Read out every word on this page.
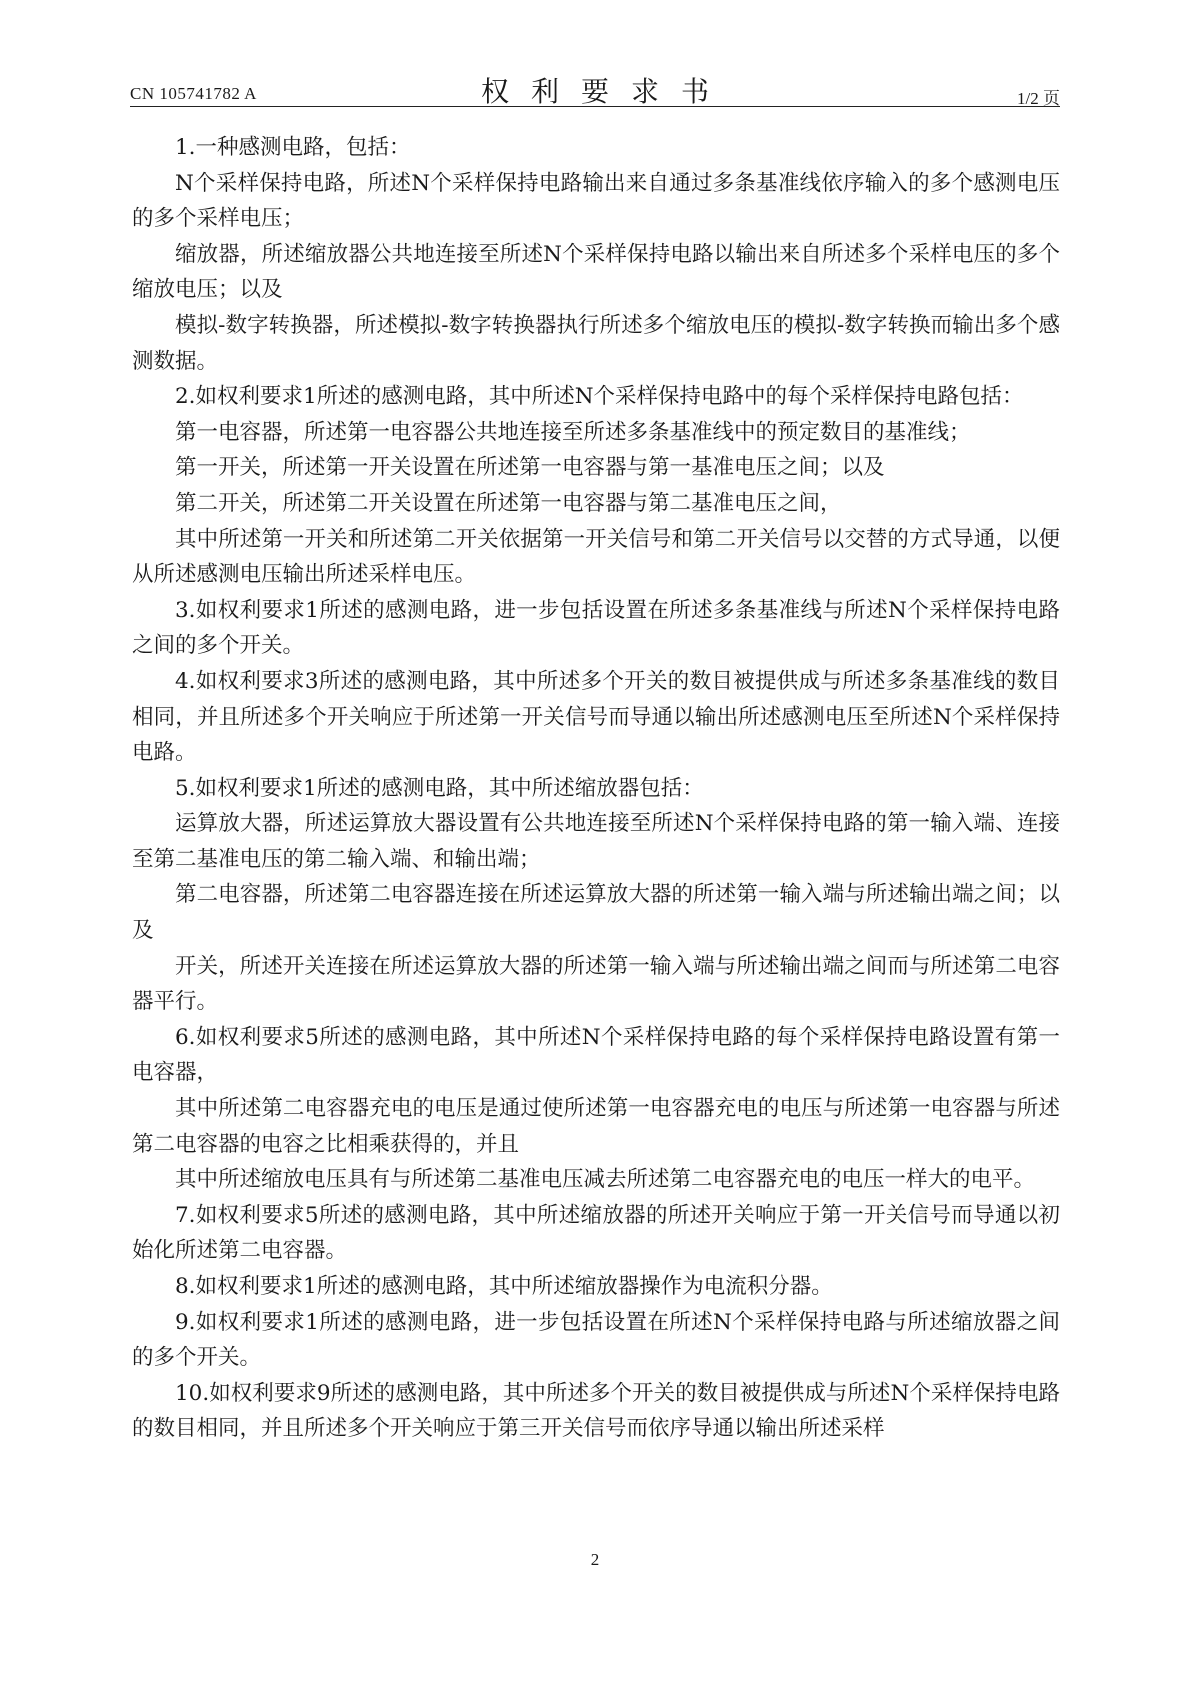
CN 105741782 A	权利要求书	1/2 页

1.一种感测电路，包括：

N个采样保持电路，所述N个采样保持电路输出来自通过多条基准线依序输入的多个感测电压的多个采样电压；

缩放器，所述缩放器公共地连接至所述N个采样保持电路以输出来自所述多个采样电压的多个缩放电压；以及

模拟-数字转换器，所述模拟-数字转换器执行所述多个缩放电压的模拟-数字转换而输出多个感测数据。

2.如权利要求1所述的感测电路，其中所述N个采样保持电路中的每个采样保持电路包括：

第一电容器，所述第一电容器公共地连接至所述多条基准线中的预定数目的基准线；

第一开关，所述第一开关设置在所述第一电容器与第一基准电压之间；以及

第二开关，所述第二开关设置在所述第一电容器与第二基准电压之间，

其中所述第一开关和所述第二开关依据第一开关信号和第二开关信号以交替的方式导通，以便从所述感测电压输出所述采样电压。

3.如权利要求1所述的感测电路，进一步包括设置在所述多条基准线与所述N个采样保持电路之间的多个开关。

4.如权利要求3所述的感测电路，其中所述多个开关的数目被提供成与所述多条基准线的数目相同，并且所述多个开关响应于所述第一开关信号而导通以输出所述感测电压至所述N个采样保持电路。

5.如权利要求1所述的感测电路，其中所述缩放器包括：

运算放大器，所述运算放大器设置有公共地连接至所述N个采样保持电路的第一输入端、连接至第二基准电压的第二输入端、和输出端；

第二电容器，所述第二电容器连接在所述运算放大器的所述第一输入端与所述输出端之间；以及

开关，所述开关连接在所述运算放大器的所述第一输入端与所述输出端之间而与所述第二电容器平行。

6.如权利要求5所述的感测电路，其中所述N个采样保持电路的每个采样保持电路设置有第一电容器，

其中所述第二电容器充电的电压是通过使所述第一电容器充电的电压与所述第一电容器与所述第二电容器的电容之比相乘获得的，并且

其中所述缩放电压具有与所述第二基准电压减去所述第二电容器充电的电压一样大的电平。

7.如权利要求5所述的感测电路，其中所述缩放器的所述开关响应于第一开关信号而导通以初始化所述第二电容器。

8.如权利要求1所述的感测电路，其中所述缩放器操作为电流积分器。

9.如权利要求1所述的感测电路，进一步包括设置在所述N个采样保持电路与所述缩放器之间的多个开关。

10.如权利要求9所述的感测电路，其中所述多个开关的数目被提供成与所述N个采样保持电路的数目相同，并且所述多个开关响应于第三开关信号而依序导通以输出所述采样

2
